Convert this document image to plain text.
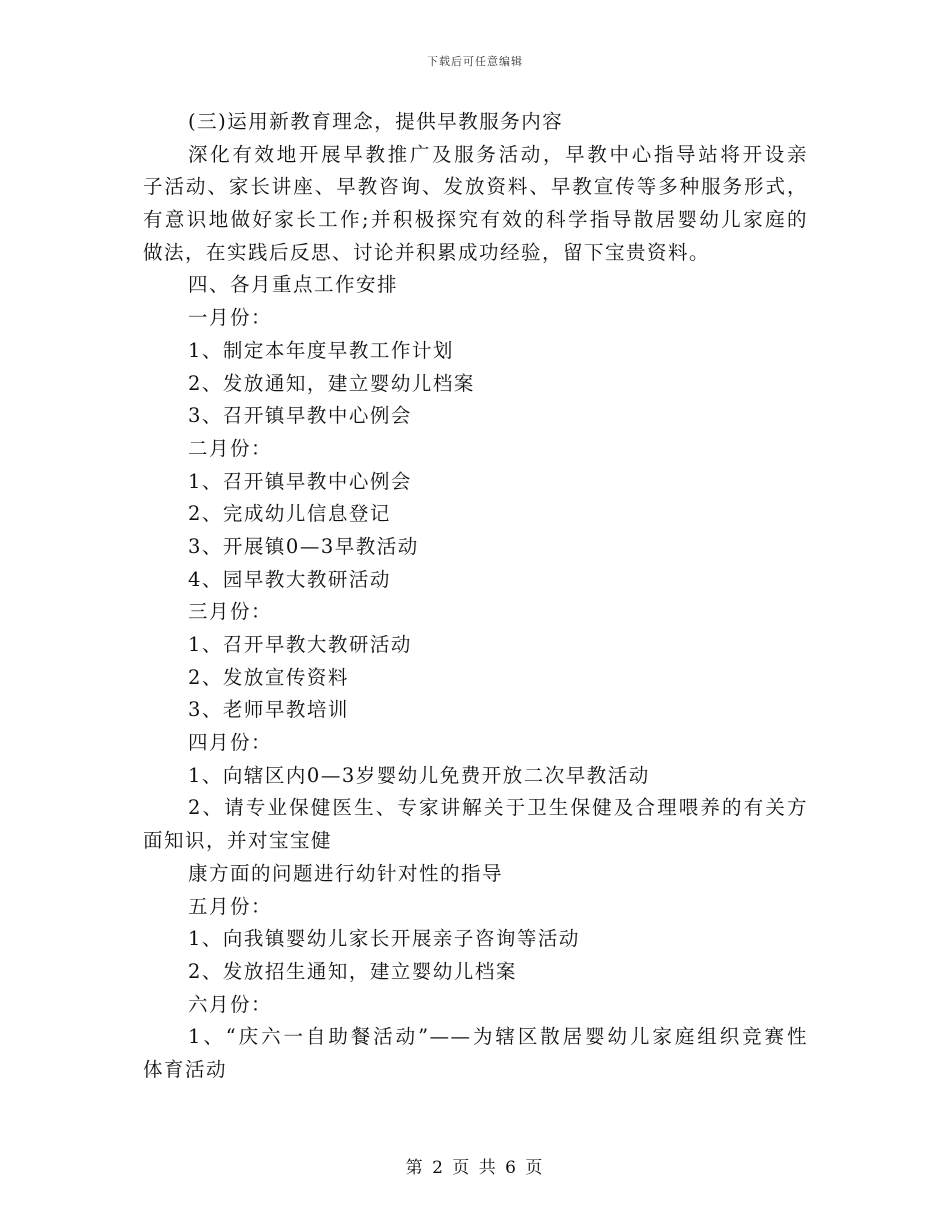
下载后可任意编辑
(三)运用新教育理念，提供早教服务内容
深化有效地开展早教推广及服务活动，早教中心指导站将开设亲
子活动、家长讲座、早教咨询、发放资料、早教宣传等多种服务形式，
有意识地做好家长工作;并积极探究有效的科学指导散居婴幼儿家庭的
做法，在实践后反思、讨论并积累成功经验，留下宝贵资料。
四、各月重点工作安排
一月份：
1、制定本年度早教工作计划
2、发放通知，建立婴幼儿档案
3、召开镇早教中心例会
二月份：
1、召开镇早教中心例会
2、完成幼儿信息登记
3、开展镇0—3早教活动
4、园早教大教研活动
三月份：
1、召开早教大教研活动
2、发放宣传资料
3、老师早教培训
四月份：
1、向辖区内0—3岁婴幼儿免费开放二次早教活动
2、请专业保健医生、专家讲解关于卫生保健及合理喂养的有关方
面知识，并对宝宝健
康方面的问题进行幼针对性的指导
五月份：
1、向我镇婴幼儿家长开展亲子咨询等活动
2、发放招生通知，建立婴幼儿档案
六月份：
1、“庆六一自助餐活动”——为辖区散居婴幼儿家庭组织竞赛性
体育活动
第 2 页 共 6 页
